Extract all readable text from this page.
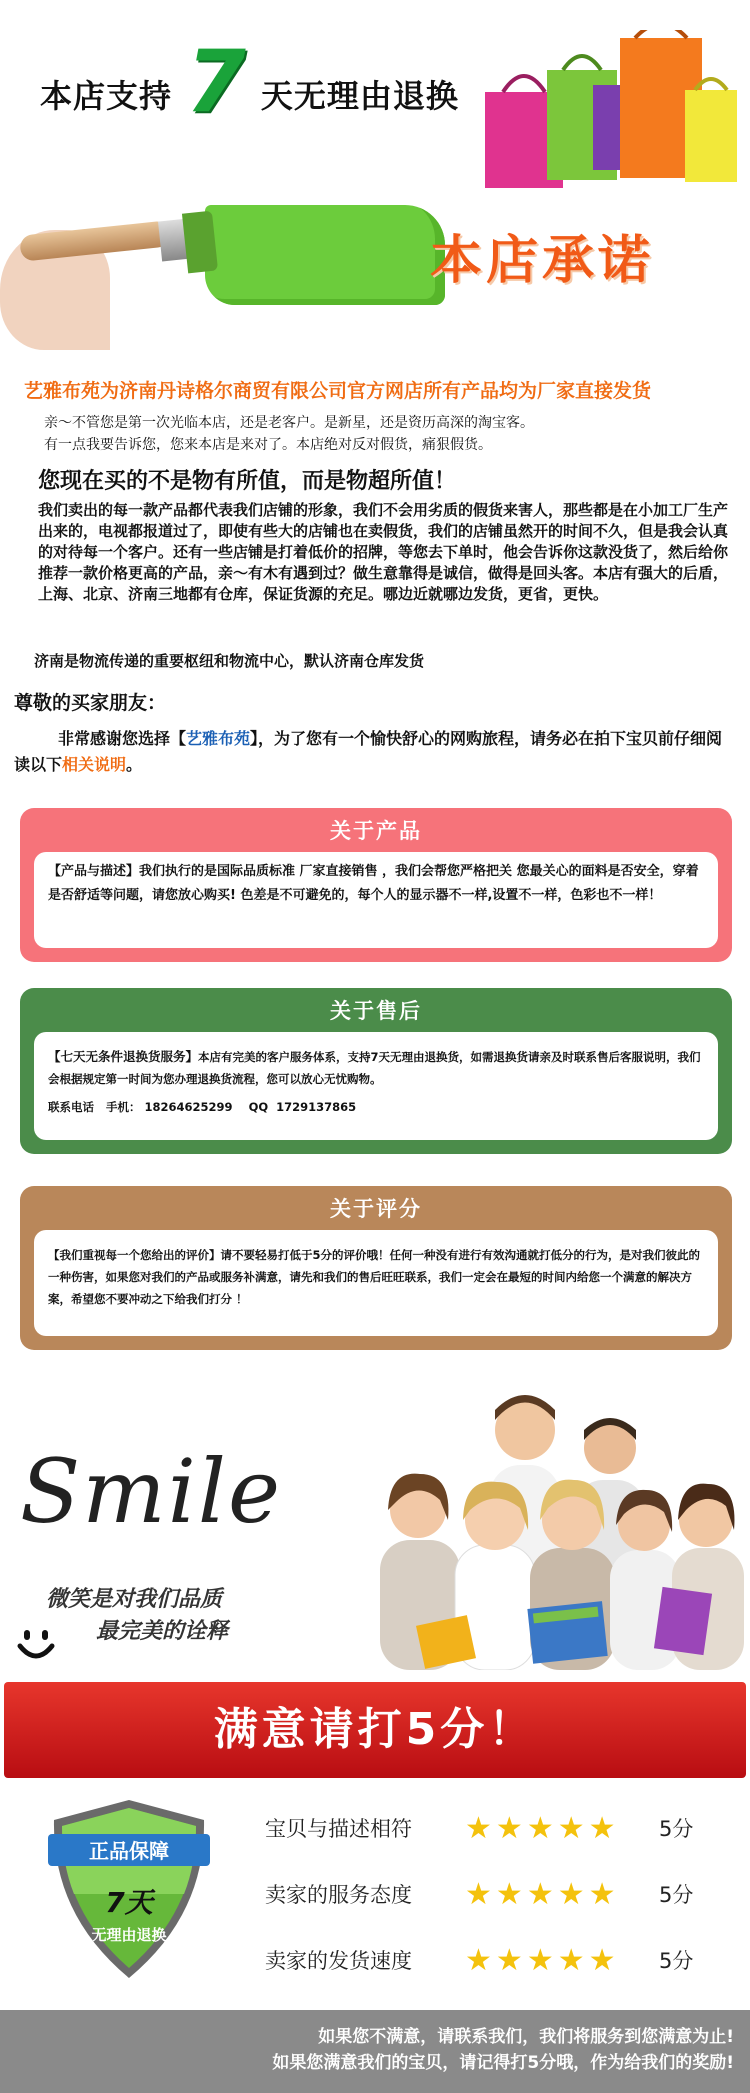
本店支持 7 天无理由退换
本店承诺
艺雅布苑为济南丹诗格尔商贸有限公司官方网店所有产品均为厂家直接发货
亲～不管您是第一次光临本店，还是老客户。是新星，还是资历高深的淘宝客。
有一点我要告诉您，您来本店是来对了。本店绝对反对假货，痛狠假货。
您现在买的不是物有所值，而是物超所值！
我们卖出的每一款产品都代表我们店铺的形象，我们不会用劣质的假货来害人，那些都是在小加工厂生产出来的，电视都报道过了，即使有些大的店铺也在卖假货，我们的店铺虽然开的时间不久，但是我会认真的对待每一个客户。还有一些店铺是打着低价的招牌，等您去下单时，他会告诉你这款没货了，然后给你推荐一款价格更高的产品，亲～有木有遇到过？做生意靠得是诚信，做得是回头客。本店有强大的后盾，上海、北京、济南三地都有仓库，保证货源的充足。哪边近就哪边发货，更省，更快。
济南是物流传递的重要枢纽和物流中心，默认济南仓库发货
尊敬的买家朋友：
非常感谢您选择【艺雅布苑】，为了您有一个愉快舒心的网购旅程，请务必在拍下宝贝前仔细阅读以下相关说明。
关于产品
【产品与描述】我们执行的是国际品质标准 厂家直接销售 ，我们会帮您严格把关 您最关心的面料是否安全，穿着是否舒适等问题，请您放心购买! 色差是不可避免的，每个人的显示器不一样,设置不一样，色彩也不一样！
关于售后
【七天无条件退换货服务】本店有完美的客户服务体系，支持7天无理由退换货，如需退换货请亲及时联系售后客服说明，我们会根据规定第一时间为您办理退换货流程，您可以放心无忧购物。
联系电话 手机： 18264625299 QQ 1729137865
关于评分
【我们重视每一个您给出的评价】请不要轻易打低于5分的评价哦！任何一种没有进行有效沟通就打低分的行为，是对我们彼此的一种伤害，如果您对我们的产品或服务补满意，请先和我们的售后旺旺联系，我们一定会在最短的时间内给您一个满意的解决方案，希望您不要冲动之下给我们打分 ！
Smile
微笑是对我们品质
最完美的诠释
满意请打5分！
正品保障
7天
无理由退换
宝贝与描述相符	★ ★ ★ ★ ★ 5分
卖家的服务态度	★ ★ ★ ★ ★ 5分
卖家的发货速度	★ ★ ★ ★ ★ 5分
如果您不满意，请联系我们，我们将服务到您满意为止!
如果您满意我们的宝贝，请记得打5分哦，作为给我们的奖励!
